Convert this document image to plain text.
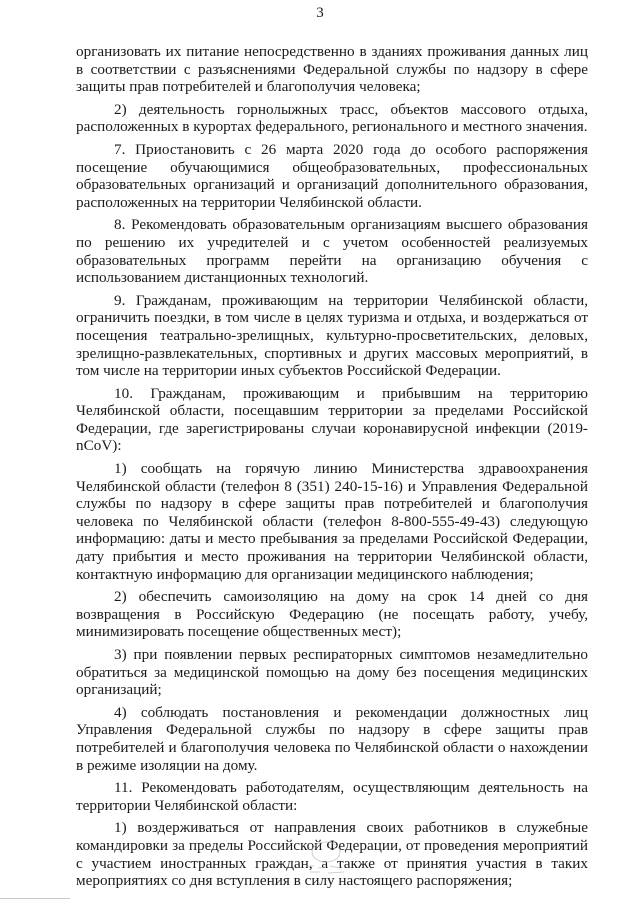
3

организовать их питание непосредственно в зданиях проживания данных лиц в соответствии с разъяснениями Федеральной службы по надзору в сфере защиты прав потребителей и благополучия человека;

2) деятельность горнолыжных трасс, объектов массового отдыха, расположенных в курортах федерального, регионального и местного значения.

7. Приостановить с 26 марта 2020 года до особого распоряжения посещение обучающимися общеобразовательных, профессиональных образовательных организаций и организаций дополнительного образования, расположенных на территории Челябинской области.

8. Рекомендовать образовательным организациям высшего образования по решению их учредителей и с учетом особенностей реализуемых образовательных программ перейти на организацию обучения с использованием дистанционных технологий.

9. Гражданам, проживающим на территории Челябинской области, ограничить поездки, в том числе в целях туризма и отдыха, и воздержаться от посещения театрально-зрелищных, культурно-просветительских, деловых, зрелищно-развлекательных, спортивных и других массовых мероприятий, в том числе на территории иных субъектов Российской Федерации.

10. Гражданам, проживающим и прибывшим на территорию Челябинской области, посещавшим территории за пределами Российской Федерации, где зарегистрированы случаи коронавирусной инфекции (2019-nCoV):

1) сообщать на горячую линию Министерства здравоохранения Челябинской области (телефон 8 (351) 240-15-16) и Управления Федеральной службы по надзору в сфере защиты прав потребителей и благополучия человека по Челябинской области (телефон 8-800-555-49-43) следующую информацию: даты и место пребывания за пределами Российской Федерации, дату прибытия и место проживания на территории Челябинской области, контактную информацию для организации медицинского наблюдения;

2) обеспечить самоизоляцию на дому на срок 14 дней со дня возвращения в Российскую Федерацию (не посещать работу, учебу, минимизировать посещение общественных мест);

3) при появлении первых респираторных симптомов незамедлительно обратиться за медицинской помощью на дому без посещения медицинских организаций;

4) соблюдать постановления и рекомендации должностных лиц Управления Федеральной службы по надзору в сфере защиты прав потребителей и благополучия человека по Челябинской области о нахождении в режиме изоляции на дому.

11. Рекомендовать работодателям, осуществляющим деятельность на территории Челябинской области:

1) воздерживаться от направления своих работников в служебные командировки за пределы Российской Федерации, от проведения мероприятий с участием иностранных граждан, а также от принятия участия в таких мероприятиях со дня вступления в силу настоящего распоряжения;
